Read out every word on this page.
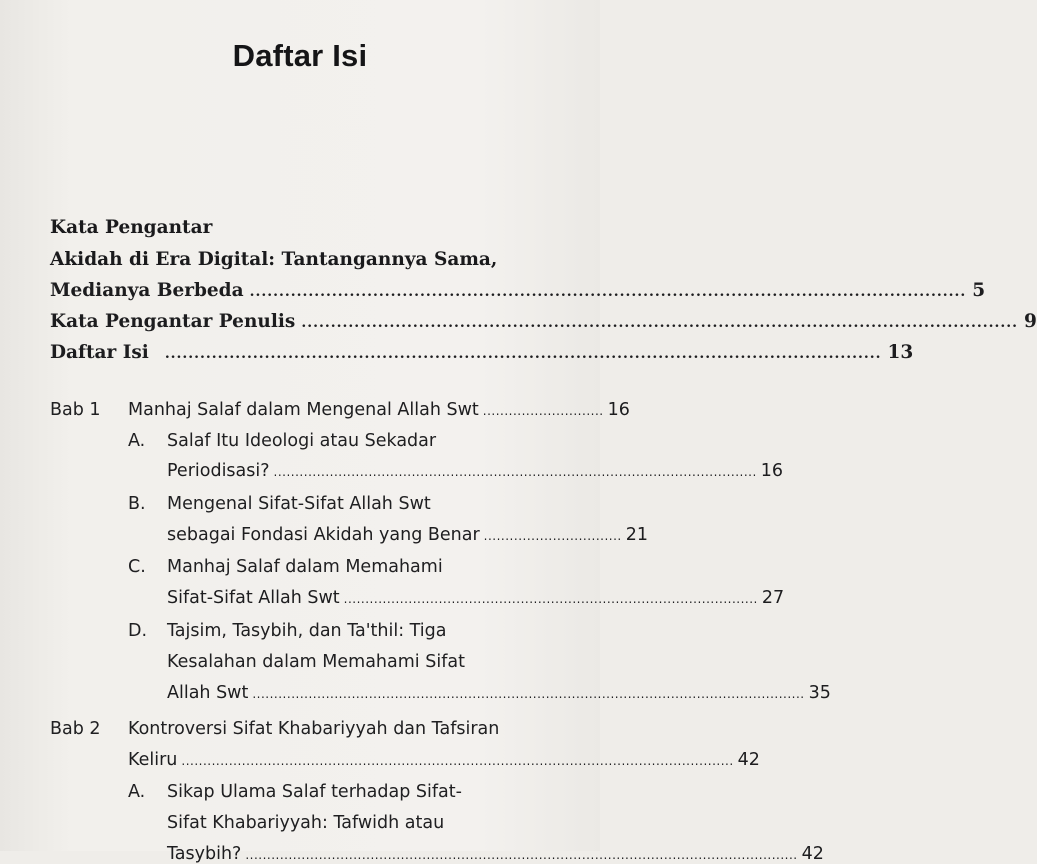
Daftar Isi
Kata Pengantar
Akidah di Era Digital: Tantangannya Sama,
Medianya Berbeda .......................................................................................................................... 5
Kata Pengantar Penulis .......................................................................................................................... 9
Daftar Isi .......................................................................................................................... 13
Bab 1 Manhaj Salaf dalam Mengenal Allah Swt ............................ 16
A. Salaf Itu Ideologi atau Sekadar
Periodisasi? ................................................................................................................ 16
B. Mengenal Sifat-Sifat Allah Swt
sebagai Fondasi Akidah yang Benar ................................ 21
C. Manhaj Salaf dalam Memahami
Sifat-Sifat Allah Swt ................................................................................................ 27
D. Tajsim, Tasybih, dan Ta'thil: Tiga
Kesalahan dalam Memahami Sifat
Allah Swt ................................................................................................................................ 35
Bab 2 Kontroversi Sifat Khabariyyah dan Tafsiran
Keliru ................................................................................................................................ 42
A. Sikap Ulama Salaf terhadap Sifat-
Sifat Khabariyyah: Tafwidh atau
Tasybih? ................................................................................................................................ 42
